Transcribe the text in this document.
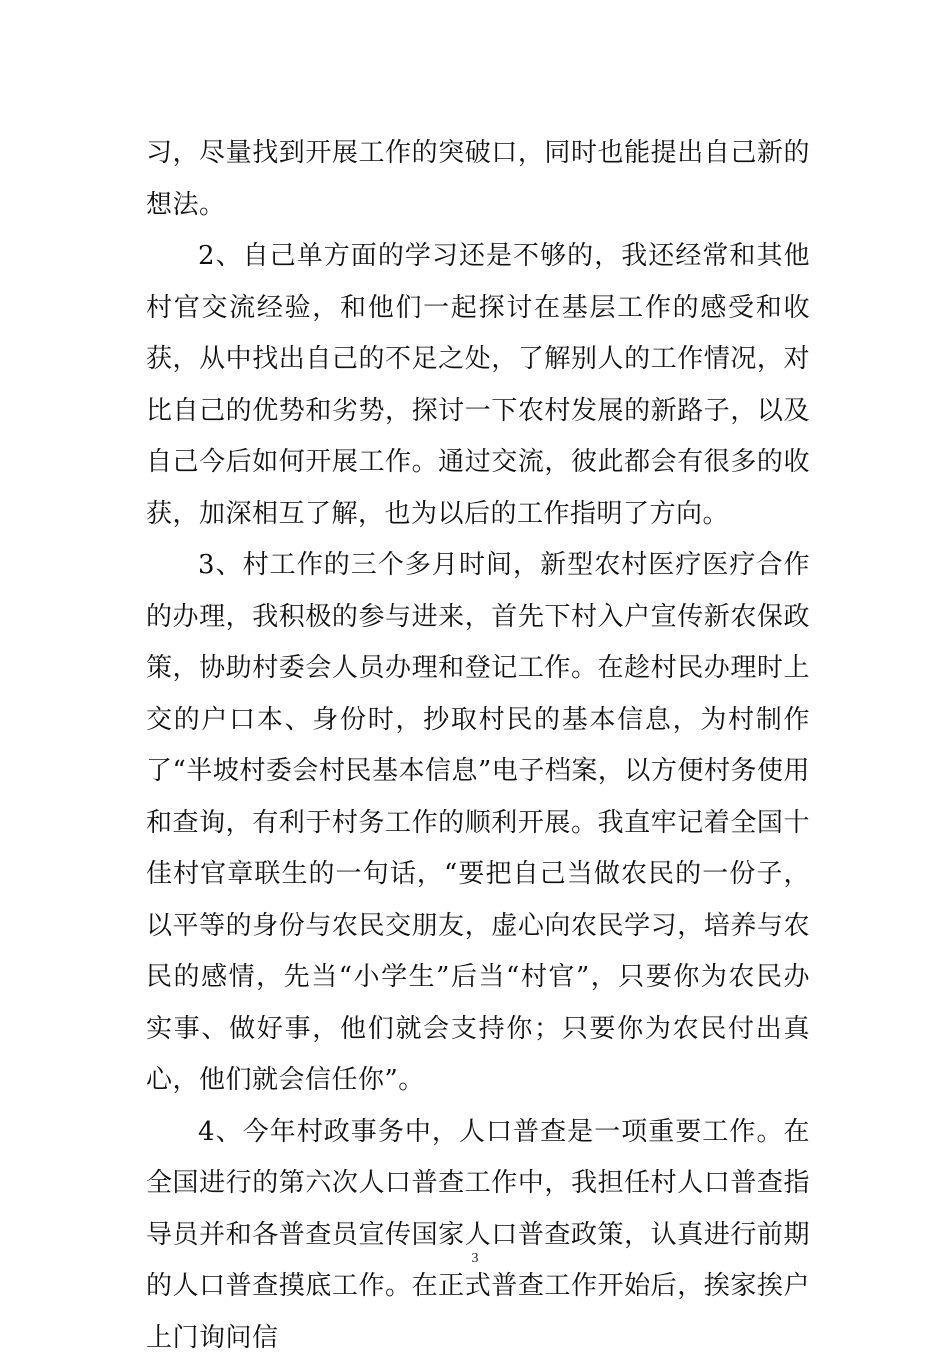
习，尽量找到开展工作的突破口，同时也能提出自己新的想法。

2、自己单方面的学习还是不够的，我还经常和其他村官交流经验，和他们一起探讨在基层工作的感受和收获，从中找出自己的不足之处，了解别人的工作情况，对比自己的优势和劣势，探讨一下农村发展的新路子，以及自己今后如何开展工作。通过交流，彼此都会有很多的收获，加深相互了解，也为以后的工作指明了方向。

3、村工作的三个多月时间，新型农村医疗医疗合作的办理，我积极的参与进来，首先下村入户宣传新农保政策，协助村委会人员办理和登记工作。在趁村民办理时上交的户口本、身份时，抄取村民的基本信息，为村制作了“半坡村委会村民基本信息”电子档案，以方便村务使用和查询，有利于村务工作的顺利开展。我直牢记着全国十佳村官章联生的一句话，“要把自己当做农民的一份子，以平等的身份与农民交朋友，虚心向农民学习，培养与农民的感情，先当“小学生”后当“村官”，只要你为农民办实事、做好事，他们就会支持你；只要你为农民付出真心，他们就会信任你”。

4、今年村政事务中，人口普查是一项重要工作。在全国进行的第六次人口普查工作中，我担任村人口普查指导员并和各普查员宣传国家人口普查政策，认真进行前期的人口普查摸底工作。在正式普查工作开始后，挨家挨户上门询问信

3
